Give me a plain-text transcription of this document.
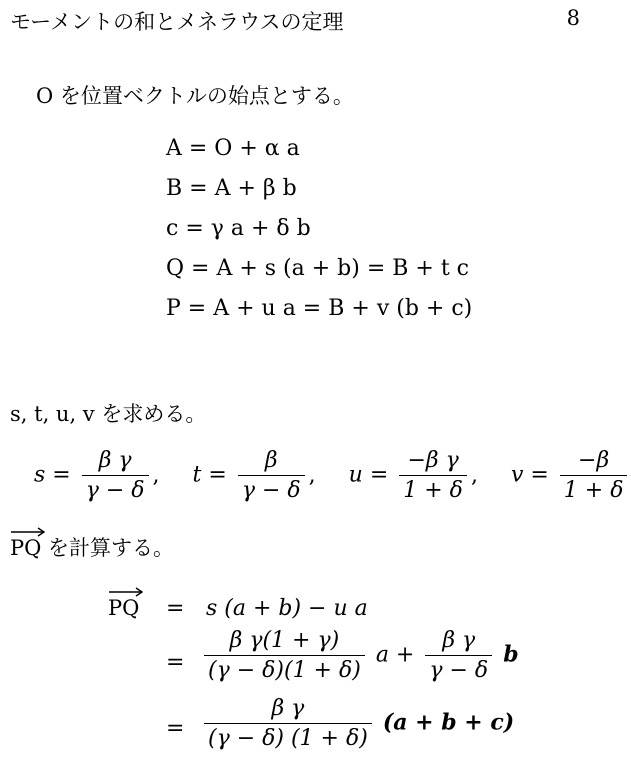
モーメントの和とメネラウスの定理	8
O を位置ベクトルの始点とする。
A = O + α a
B = A + β b
c = γ a + δ b
Q = A + s (a + b) = B + t c
P = A + u a = B + v (b + c)
s, t, u, v を求める。
$s = \frac{\text{β γ}}{\gamma - \delta}$ , $t = \frac{\beta}{\gamma - \delta}$ , $u = \frac{\text{−β γ}}{1 + \delta}$ , $v = \frac{-\beta}{1 + \delta}$
PQ を計算する。
PQ = s (a + b) − u a
= $\frac{\text{β γ(1 + γ)}}{(\gamma - \delta)(1 + \delta)}$ $a + \frac{\text{β γ}}{\gamma - \delta}$ b
= $\frac{\text{β γ}}{(\gamma - \delta) (1 + \delta)} (a + b + c)$
